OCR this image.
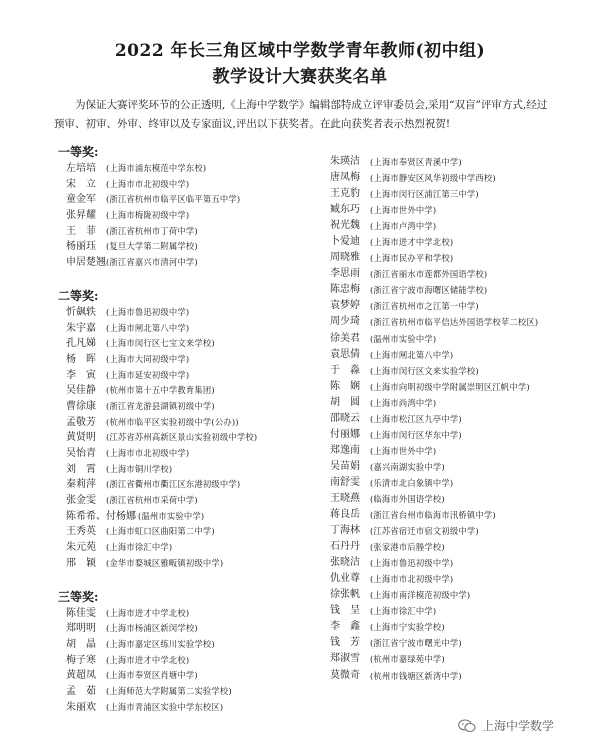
2022 年长三角区域中学数学青年教师(初中组)
教学设计大赛获奖名单
为保证大赛评奖环节的公正透明,《上海中学数学》编辑部特成立评审委员会,采用“双盲”评审方式,经过预审、初审、外审、终审以及专家面议,评出以下获奖者。在此向获奖者表示热烈祝贺!
一等奖:
左培培	(上海市浦东模范中学东校)
宋　立	(上海市市北初级中学)
童金军	(浙江省杭州市临平区临平第五中学)
张昇耀	(上海市梅陇初级中学)
王　菲	(浙江省杭州市丁荷中学)
杨丽珏	(复旦大学第二附属学校)
申居楚翘 (浙江省嘉兴市清河中学)
二等奖:
忻飙轶	(上海市鲁迅初级中学)
朱宇嘉	(上海市闸北第八中学)
孔凡娣	(上海市闵行区七宝文来学校)
杨　晖	(上海市大同初级中学)
李　寅	(上海市延安初级中学)
吴佳静	(杭州市第十五中学教育集团)
曹徐康	(浙江省龙游县湖镇初级中学)
孟敬芳	(杭州市临平区实验初级中学(公办))
黄贤明	(江苏省苏州高新区景山实验初级中学校)
吴怡青	(上海市市北初级中学)
刘　霄	(上海市铜川学校)
秦莉萍	(浙江省衢州市衢江区东港初级中学)
张金雯	(浙江省杭州市采荷中学)
陈希希、付杨娜 (温州市实验中学)
王秀英	(上海市虹口区曲阳第二中学)
朱元苑	(上海市徐汇中学)
邢　颖	(金华市婺城区雅畈镇初级中学)
三等奖:
陈佳雯	(上海市进才中学北校)
郑明明	(上海市杨浦区新闵学校)
胡　晶	(上海市嘉定区练川实验学校)
梅子寒	(上海市进才中学北校)
黄超凤	(上海市奉贤区肖塘中学)
孟　茹	(上海师范大学附属第二实验学校)
朱丽欢	(上海市青浦区实验中学东校区)
朱瑛洁 (上海市奉贤区青溪中学)
唐凤梅 (上海市静安区风华初级中学西校)
王克豹 (上海市闵行区浦江第三中学)
臧东巧 (上海市世外中学)
祝光魏 (上海市卢湾中学)
卜爱迪 (上海市进才中学北校)
周晓雅 (上海市民办平和学校)
李思雨 (浙江省丽水市莲都外国语学校)
陈忠梅 (浙江省宁波市海曙区储能学校)
袁梦婷 (浙江省杭州市之江第一中学)
周少琦 (浙江省杭州市临平信达外国语学校苹二校区)
徐美君 (温州市实验中学)
袁思倩 (上海市闸北第八中学)
于　淼 (上海市闵行区文来实验学校)
陈　娴 (上海市向明初级中学附属崇明区江帆中学)
胡　圆 (上海市尚湾中学)
邵晓云 (上海市松江区九亭中学)
付丽娜 (上海市闵行区华东中学)
郑逸南 (上海市世外中学)
吴苗娟 (嘉兴南湖实验中学)
南舒雯 (乐清市北白象镇中学)
王晓燕 (临海市外国语学校)
蒋良岳 (浙江省台州市临海市汛桥镇中学)
丁海林 (江苏省宿迁市宿文初级中学)
石丹丹 (张家港市后塍学校)
张晓洁 (上海市鲁迅初级中学)
仇业尊 (上海市市北初级中学)
徐张帆 (上海市南洋模范初级中学)
钱　呈 (上海市徐汇中学)
李　鑫 (上海市宁实验学校)
钱　芳 (浙江省宁波市曙光中学)
郑淑雪 (杭州市嘉绿苑中学)
莫微奇 (杭州市钱塘区新湾中学)
上海中学数学
